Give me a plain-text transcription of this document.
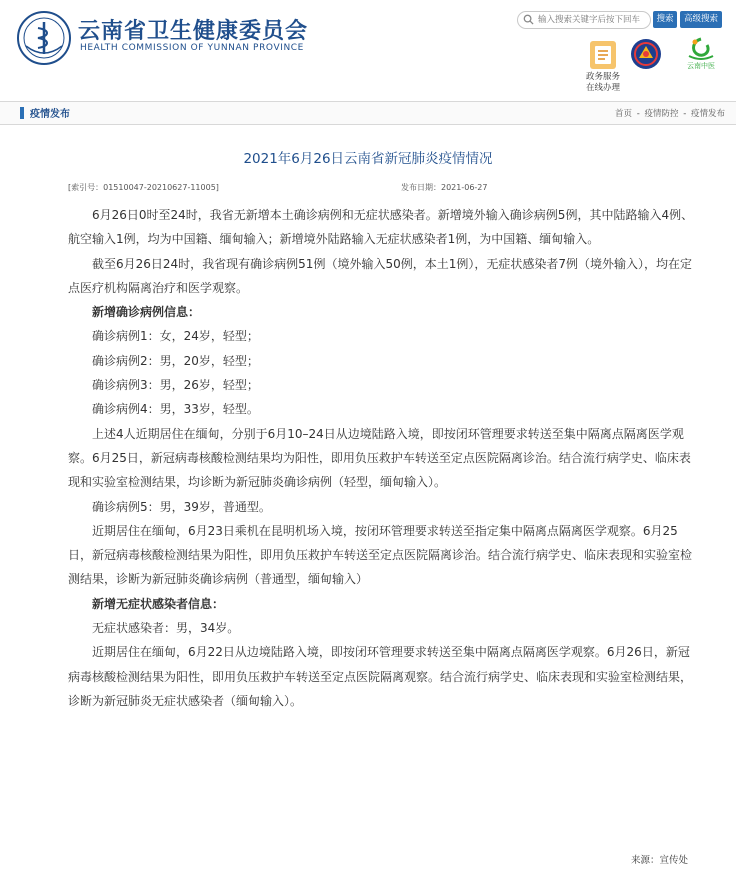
云南省卫生健康委员会
HEALTH COMMISSION OF YUNNAN PROVINCE
输入搜索关键字后按下回车
搜索	高级搜索
政务服务
在线办理
云南中医
疫情发布	首页 - 疫情防控 - 疫情发布
2021年6月26日云南省新冠肺炎疫情情况
[索引号：01510047-20210627-11005]	发布日期：2021-06-27

6月26日0时至24时，我省无新增本土确诊病例和无症状感染者。新增境外输入确诊病例5例，其中陆路输入4例、航空输入1例，均为中国籍、缅甸输入；新增境外陆路输入无症状感染者1例，为中国籍、缅甸输入。

截至6月26日24时，我省现有确诊病例51例（境外输入50例，本土1例），无症状感染者7例（境外输入），均在定点医疗机构隔离治疗和医学观察。

新增确诊病例信息：

确诊病例1：女，24岁，轻型；

确诊病例2：男，20岁，轻型；

确诊病例3：男，26岁，轻型；

确诊病例4：男，33岁，轻型。

上述4人近期居住在缅甸，分别于6月10–24日从边境陆路入境，即按闭环管理要求转送至集中隔离点隔离医学观察。6月25日，新冠病毒核酸检测结果均为阳性，即用负压救护车转送至定点医院隔离诊治。结合流行病学史、临床表现和实验室检测结果，均诊断为新冠肺炎确诊病例（轻型，缅甸输入）。

确诊病例5：男，39岁，普通型。

近期居住在缅甸，6月23日乘机在昆明机场入境，按闭环管理要求转送至指定集中隔离点隔离医学观察。6月25日，新冠病毒核酸检测结果为阳性，即用负压救护车转送至定点医院隔离诊治。结合流行病学史、临床表现和实验室检测结果，诊断为新冠肺炎确诊病例（普通型，缅甸输入）

新增无症状感染者信息：

无症状感染者：男，34岁。

近期居住在缅甸，6月22日从边境陆路入境，即按闭环管理要求转送至集中隔离点隔离医学观察。6月26日，新冠病毒核酸检测结果为阳性，即用负压救护车转送至定点医院隔离观察。结合流行病学史、临床表现和实验室检测结果，诊断为新冠肺炎无症状感染者（缅甸输入）。

来源：宣传处
